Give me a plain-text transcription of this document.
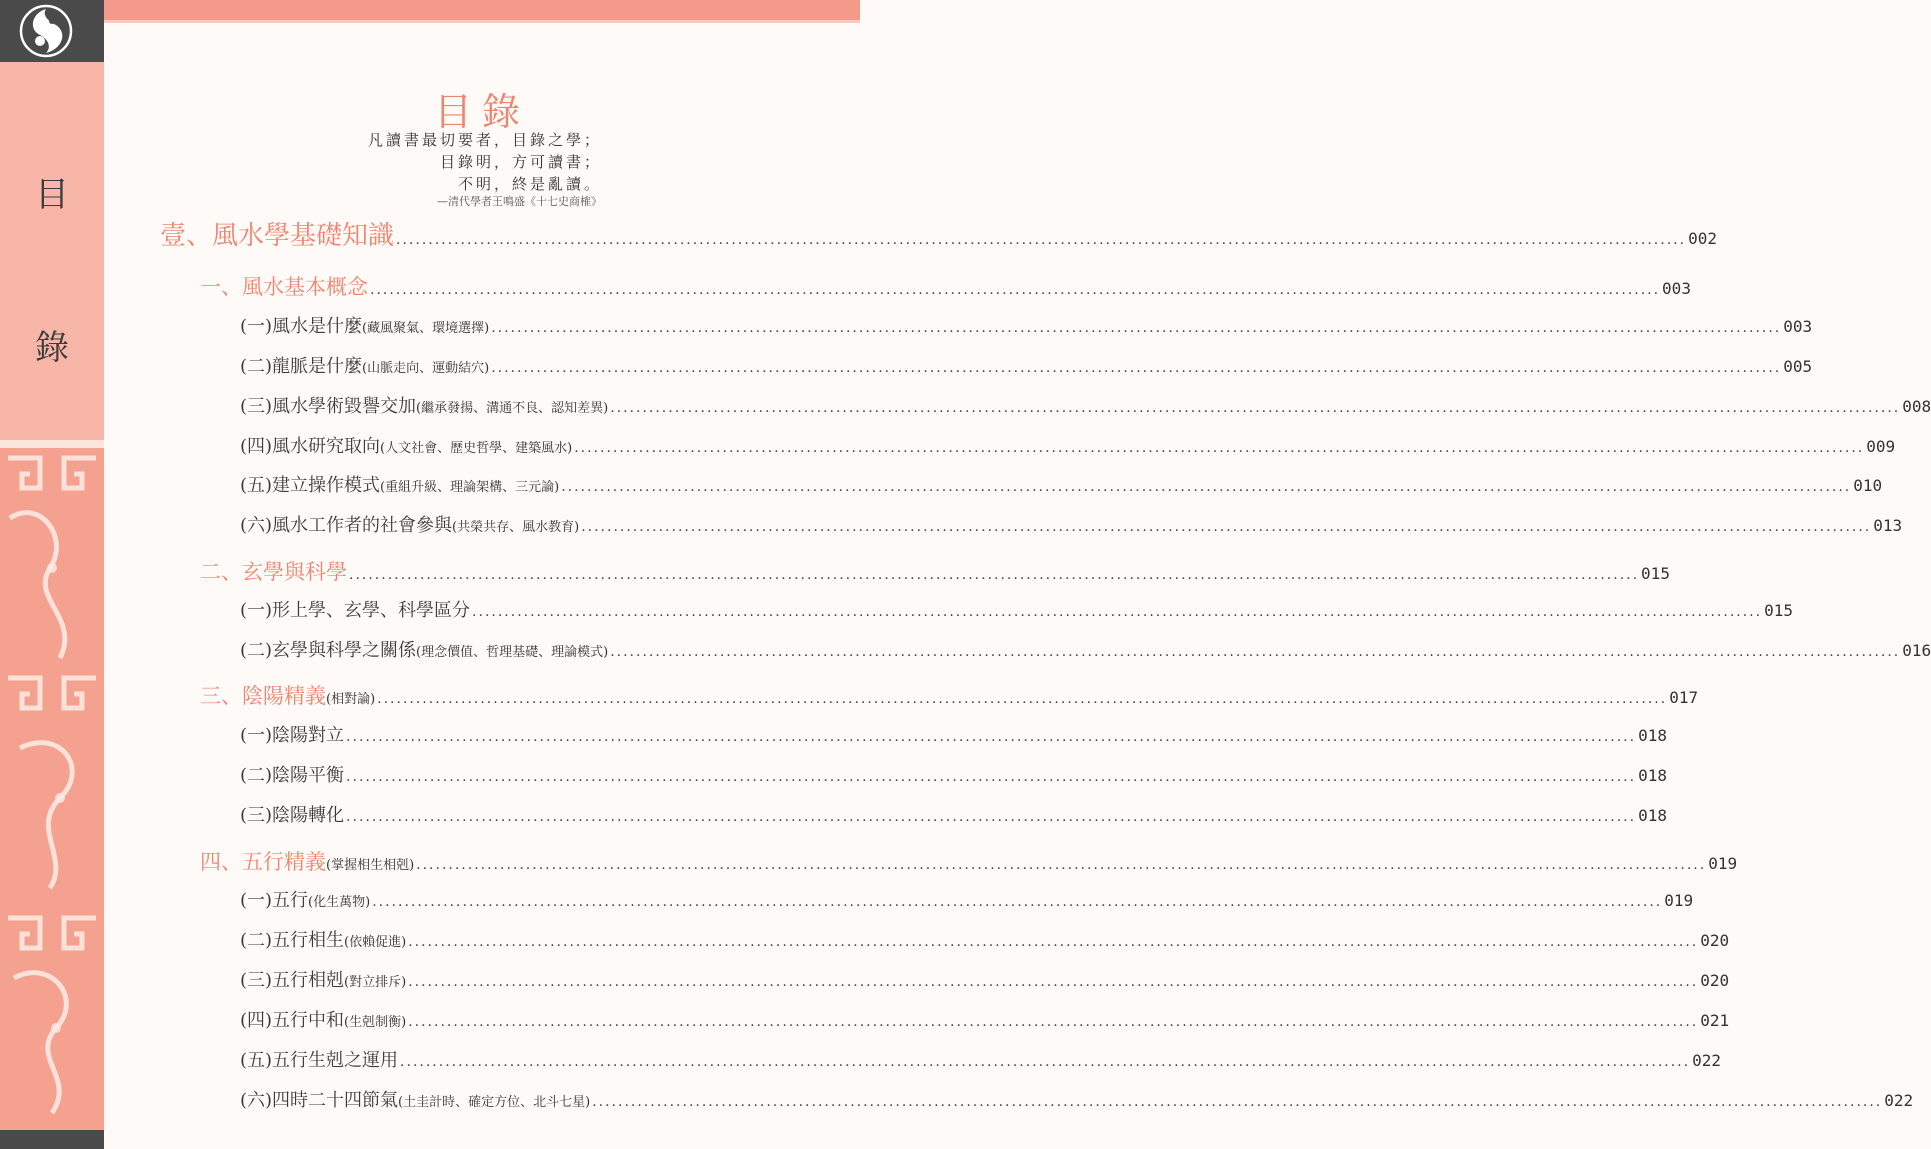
目
錄
目錄
凡讀書最切要者，目錄之學；
目錄明，方可讀書；
不明，終是亂讀。
—清代學者王鳴盛《十七史商榷》
壹、風水學基礎知識 ........................................................................................................................................................................................................ 002
一、風水基本概念 ........................................................................................................................................................................................................ 003
(一)風水是什麼(藏風聚氣、環境選擇) ........................................................................................................................................................................................................ 003
(二)龍脈是什麼(山脈走向、運動結穴) ........................................................................................................................................................................................................ 005
(三)風水學術毀譽交加(繼承發揚、溝通不良、認知差異) ........................................................................................................................................................................................................ 008
(四)風水研究取向(人文社會、歷史哲學、建築風水) ........................................................................................................................................................................................................ 009
(五)建立操作模式(重組升級、理論架構、三元論) ........................................................................................................................................................................................................ 010
(六)風水工作者的社會參與(共榮共存、風水教育) ........................................................................................................................................................................................................ 013
二、玄學與科學 ........................................................................................................................................................................................................ 015
(一)形上學、玄學、科學區分 ........................................................................................................................................................................................................ 015
(二)玄學與科學之關係(理念價值、哲理基礎、理論模式) ........................................................................................................................................................................................................ 016
三、陰陽精義(相對論) ........................................................................................................................................................................................................ 017
(一)陰陽對立 ........................................................................................................................................................................................................ 018
(二)陰陽平衡 ........................................................................................................................................................................................................ 018
(三)陰陽轉化 ........................................................................................................................................................................................................ 018
四、五行精義(掌握相生相剋) ........................................................................................................................................................................................................ 019
(一)五行(化生萬物) ........................................................................................................................................................................................................ 019
(二)五行相生(依賴促進) ........................................................................................................................................................................................................ 020
(三)五行相剋(對立排斥) ........................................................................................................................................................................................................ 020
(四)五行中和(生剋制衡) ........................................................................................................................................................................................................ 021
(五)五行生剋之運用 ........................................................................................................................................................................................................ 022
(六)四時二十四節氣(土圭計時、確定方位、北斗七星) ........................................................................................................................................................................................................ 022
